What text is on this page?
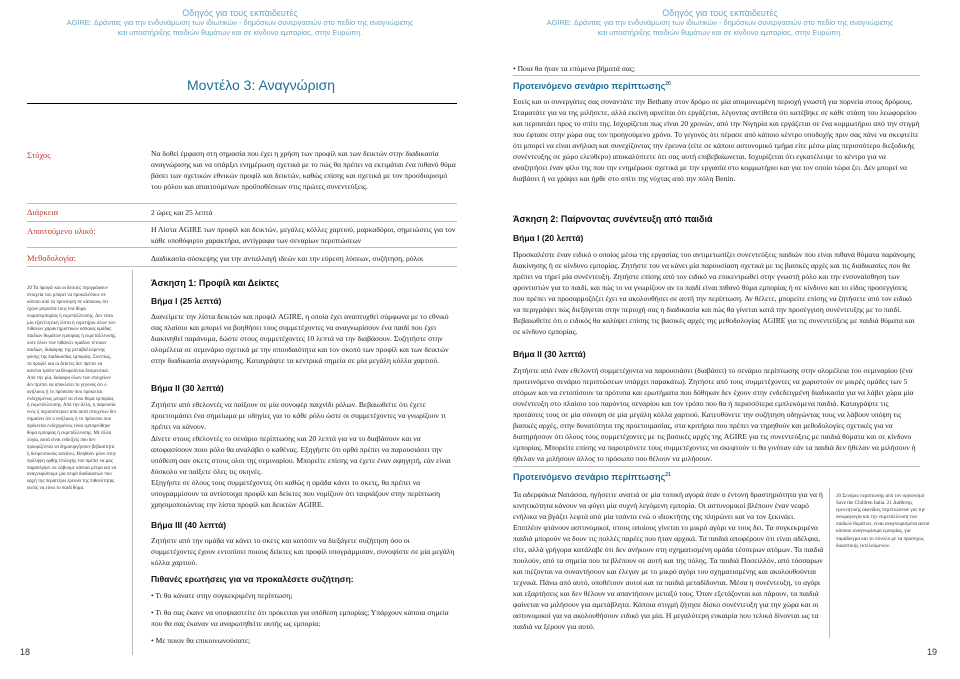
Οδηγός για τους εκπαιδευτές
AGIRE: Δράντας για την ενδυνάμωση των ιδιωτικών - δημόσιων συνεργασιών στο πεδίο της αναγνώρισης
και υποστήριξης παιδιών θυμάτων και σε κίνδυνο εμπορίας, στην Ευρώπη.
Οδηγός για τους εκπαιδευτές
AGIRE: Δράντας για την ενδυνάμωση των ιδιωτικών - δημόσιων συνεργασιών στο πεδίο της αναγνώρισης
και υποστήριξης παιδιών θυμάτων και σε κίνδυνο εμπορίας, στην Ευρώπη.
18	19
Μοντέλο 3: Αναγνώριση
Στόχος
Διάρκεια
Απαιτούμενο υλικό:
Μεθοδολογία:
Να δοθεί έμφαση στη σημασία που έχει η χρήση των προφίλ και των δεικτών στην διαδικασία αναγνώρισης και να υπάρξει ενημέρωση σχετικά με το πώς θα πρέπει να εκτιμάται ένα πιθανό θύμα βάσει των σχετικών εθνικών προφίλ και δεικτών, καθώς επίσης και σχετικά με τον προσδιορισμό του ρόλου και απαιτούμενων προϋποθέσεων στις πρώτες συνεντεύξεις.
2 ώρες και 25 λεπτά
Η Λίστα AGIRE των προφίλ και δεικτών, μεγάλες κόλλες χαρτιού, μαρκαδόροι, σημειώσεις για τον κάθε υποθόφιρτο χαρακτήρα, αντίγραφα των σεναρίων περιπτώσεων
Διαδικασία σύσκεψης για την ανταλλαγή ιδεών και την εύρεση λύσεων, συζήτηση, ρόλοι
20 Τα προφίλ και οι δείκτες περιγράφουν στοιχεία του μπορεί να προκαλέσουν σε κάποιο από τα προνόηση σε κάποιους ότι έχουν μπροστά τους ένα θύμα σωματεμπορίας ή εκμετάλλευσης. Δεν είναι μία εξαντλητική λίστα ή ευρετήριο όλων των πιθανών χαρακτηριστικών κάποιας ομάδας παιδιών θυμάτων εμπορίας ή εκμετάλλευσης, ούτε όλων των πιθανών ομάδων τέτοιων παιδιών, διάφορης της μεταβαλλόμενης φύσης της διαδικασίας εμπορίας. Συνεπώς, τα προφίλ και οι δείκτες δεν πρέπει να κανένα τρόπο να θεωρούνται δεσμευτικά. Από την μία, διάφορα όλων των στοιχείων δεν πρέπει να αποκλείει το γεγονός ότι ο ανήλικος ή το πρόσωπο που πρόκειται ενδεχομένως μπορεί να είναι θύμα εμπορίας ή εκμετάλλευσης. Από την άλλη, η παρουσία ενός ή περισσότερων από αυτά στοιχείων δεν σημαίνει ότι ο ανήλικος ή το πρόσωπο που πρόκειται ενδεχομένως είναι εμπορεύθηκε θύμα εμπορίας ή εκμετάλλευσης. Με άλλα λόγια, αυτά είναι ενδείξεις που δεν προορίζονται να δημιουργήσουν βεβαιότητα ή δεσμευτικούς κανόνες. Βοηθούν μόνο στην πρόληψη ορθής επιλογής του πρέπει να μας παραπέμψει να λάβουμε κάποια μέτρα και να αναγνωρίσουμε μία σειρά διαδικασιών που αρχή της περαιτέρω έρευνα της πιθανότητας αυτός να είναι το παιδί θύμα.
Άσκηση 1: Προφίλ και Δείκτες
Βήμα Ι (25 λεπτά)
Διανείμετε την λίστα δεικτών και προφίλ AGIRE, η οποία έχει αναπτυχθεί σύμφωνα με το εθνικό σας πλαίσιο και μπορεί να βοηθήσει τους συμμετέχοντες να αναγνωρίσουν ένα παιδί που έχει διακινηθεί παράνομα, δώστε στους συμμετέχοντες 10 λεπτά να την διαβάσουν. Συζητήστε στην ολομέλεια σε σεμινάριο σχετικά με την σπουδαιότητα και τον σκοπό των προφίλ και των δεικτών στην διαδικασία αναγνώρισης. Καταγράψτε τα κεντρικά σημεία σε μία μεγάλη κόλλα χαρτιού.
Βήμα ΙΙ (30 λεπτά)
Ζητήστε από εθελοντές να παίξουν σε μία συνοφέρ παιχνίδι ρόλων. Βεβαιωθείτε ότι έχετε προετοιμάσει ένα σημείωμα με οδηγίες για το κάθε ρόλο ώστε οι συμμετέχοντες να γνωρίζουν τι πρέπει να κάνουν.
Δίνετε στους εθελοντές το σενάριο περίπτωσης και 20 λεπτά για να το διαβάσουν και να αποφασίσουν ποιο ρόλο θα αναλάβει ο καθένας. Εξηγήστε ότι ορθά πρέπει να παρουσιάσει την υπόθεση σαν σκετς στους ολοι της σεμιναρίου. Μπορείτε επίσης να έχετε έναν αφηγητή, εάν είναι δύσκολο να παίξετε όλες τις σκηνές.
Εξηγήστε σε όλους τους συμμετέχοντες ότι καθώς η ομάδα κάνει το σκετς, θα πρέπει να υπογραμμίσουν τα αντίστοιχα προφίλ και δείκτες που νομίζουν ότι ταιριάζουν στην περίπτωση χρησιμοποιώντας την λίστα προφίλ και δεικτών AGIRE.
Βήμα ΙΙΙ (40 λεπτά)
Ζητήστε από την ομάδα να κάνει το σκετς και κατόπιν να διεξάγετε συζήτηση όσο οι συμμετέχοντες έχουν εντοπίσει ποιους δείκτες και προφίλ υπογράμμισαν, συνοψίστε σε μία μεγάλη κόλλα χαρτιού.
Πιθανές ερωτήσεις για να προκαλέσετε συζήτηση:
• Τι θα κάνατε στην συγκεκριμένη περίπτωση;
• Τι θα σας έκανε να υποψιαστείτε ότι πρόκειται για υπόθεση εμπορίας; Υπάρχουν κάποια σημεία που θα σας έκαναν να αναρωτηθείτε αυτής ως εμπορία;
• Με ποιον θα επικοινωνούσατε;
• Ποια θα ήταν τα επόμενα βήματά σας;
Προτεινόμενο σενάριο περίπτωσης$^{20}$
Εσείς και οι συνεργάτες σας συναντάτε την Bethany στον δρόμο σε μία απομονωμένη περιοχή γνωστή για πορνεία στους δρόμους. Σταματάτε για να της μιλήσετε, αλλά εκείνη αρνείται ότι εργάζεται, λέγοντας αντίθετα ότι κατέβηκε σε κάθε στάση του λεωφορείου και περπατάει προς το σπίτι της. Ισχυρίζεται πως είναι 20 χρονών, από την Νιγηρία και εργάζεται σε ένα κομμωτήριο από την στιγμή που έφτασε στην χώρα σας τον προηγούμενο χρόνο. Το γεγονός ότι πέρασε από κάποιο κέντρο υποδοχής πριν σας πάνε να σκεφτείτε ότι μπορεί να είναι ανήλικη και συνεχίζοντας την έρευνα (είτε σε κάποιο αστυνομικό τμήμα είτε μέσω μίας περισσότερο διεξοδικής συνέντευξης σε χώρο ελεύθερο) αποκαλύπτετε ότι σας αυτή επιβεβαίωνεται. Ισχυρίζεται ότι εγκατέλειψε το κέντρο για να αναζητήσει έναν φίλο της που την ενημέρωσε σχετικά με την εργασία στο κομμωτήριο και για τον οποίο τώρα ζει. Δεν μπορεί να διαβάσει ή να γράψει και ήρθε στο σπίτι της νύχτας από την πόλη Benin.
Άσκηση 2: Παίρνοντας συνέντευξη από παιδιά
Βήμα Ι (20 λεπτά)
Προσκαλέστε έναν ειδικό ο οποίος μέσω της εργασίας του αντιμετωπίζει συνεντεύξεις παιδιών που είναι πιθανά θύματα παράνομης διακίνησης ή σε κίνδυνο εμπορίας. Ζητήστε του να κάνει μία παρουσίαση σχετικά με τις βασικές αρχές και τις διαδικασίες που θα πρέπει να τηρεί μία συνέντευξη. Ζητήστε επίσης από τον ειδικό να επικεντρωθεί στην γνωστή ρόλο και την ενσυναίσθηση των φροντιστών για το παιδί, και πώς το να γνωρίζουν αν το παιδί είναι πιθανό θύμα εμπορίας ή σε κίνδυνο και το είδος προσεγγίσεις που πρέπει να προσαρμοζόζει έχει να ακολουθήσει σε αυτή την περίπτωση. Αν θέλετε, μπορείτε επίσης να ζητήσετε από τον ειδικό να περιγράψει πώς διεξάγεται στην περιοχή σας η διαδικασία και πώς θα γίνεται κατά την προσέγγιση συνέντευξης με το παιδί. Βεβαιωθείτε ότι ο ειδικός θα καλύψει επίσης τις βασικές αρχές της μεθοδολογίας AGIRE για τις συνεντεύξεις με παιδιά θύματα και σε κίνδυνο εμπορίας.
Βήμα ΙΙ (30 λεπτά)
Ζητήστε από έναν εθελοντή συμμετέχοντα να παρουσιάσει (διαβάσει) το σενάριο περίπτωσης στην ολομέλεια του σεμιναρίου (ένα προτεινόμενο σενάριο περιπτώσεων υπάρχει παρακάτω). Ζητήστε από τους συμμετέχοντες να χωριστούν σε μικρές ομάδες των 5 ατόμων και να εντοπίσουν τα πρότυπα και ερωτήματα που δόθηκαν δεν έχουν στην ενδεδειγμένη διαδικασία για να λάβει χώρα μία συνέντευξη στο πλαίσιο του παρόντος σεναρίου και τον τρόπο που θα ή περισσότερα εμπλεκόμενα παιδιά. Καταγράψτε τις προτάσεις τους σε μία σύνοψη σε μία μεγάλη κόλλα χαρτιού. Κατευθύνετε την συζήτηση οδηγώντας τους να λάβουν υπόψη τις βασικές αρχές, στην δυνατότητα της προετοιμασίας, στα κριτήρια που πρέπει να τηρηθούν και μεθοδολογίες σχετικές για να διατηρήσουν ότι όλους τους συμμετέχοντες με τις βασικές αρχές της AGIRE για τις συνεντεύξεις με παιδιά θύματα και σε κίνδυνο εμπορίας. Μπορείτε επίσης να παροτρύνετε τους συμμετέχοντες να σκεφτούν τι θα γινόταν εάν τα παιδιά δεν ήθελαν να μιλήσουν ή ήθελαν να μιλήσουν άλλος το πρόσωπο που θέλουν να μιλήσουν.
Προτεινόμενο σενάριο περίπτωσης$^{21}$
Τα αδερφάκια Νατάσσα, ηγήσειτε ανατιά σε μία τοπική αγορά όταν ο έντονη δραστηριότητα για να ή κινητικότητα κάνουν να φύγει μία συχνή λεγόμενη εμπορία. Οι αστυνομικοί βλέπουν έναν νεαρό ενήλικα να βγάζει λεφτά από μία τσάντα ενώ ο ιδιοκτήτης της πληρώνει και να τον ξεκινάει. Επιπλέον φτάνουν αστυνομικοί, στους οποίους γίνεται το μικρό αγόρι να τους δει. Τα συγκεκριμένα παιδιά μπορούν να δουν τις πολλές παρέες που ήταν αρχικά. Τα παιδιά αποφέρουν ότι είναι αδέλφια, είτε, αλλά γρήγορα κατάλαβε ότι δεν ανήκουν στη σχηματισμένη ομάδα τέσσερων ατόμων. Τα παιδιά πουλούν, από τα σημεία που τα βλέπουν σε αυτή και της πόλης. Τα παιδιά Ποσειλλόν, από τόσσαρων και πιέζονται να συναντήσουν και έλεγαν με το μικρό αγόρι του σχηματισμένης και ακολουθούνται τεχνικά. Πάνω από αυτό, υποθέτουν αυτοί και τα παιδιά μεταδίδονται. Μέσα η συνέντευξη, το αγόρι και εξαρτήσεις και δεν θέλουν να απαντήσουν μεταξύ τους. Όταν εξετάζονται και πάρουν, τα παιδιά φαίνεται να μιλήσουν για αμετάβλητα. Κάποια στιγμή ζήτησε δίσκο συνέντευξη για την χώρα και οι αστυνομικοί για να ακολουθήσουν ειδικό για μία. Η μεγαλύτερη ευκαιρία που τελικά δίνονται ως τα παιδιά να ξέρουν για αυτό.
20 Σενάριο περίπτωσης από τον οργανισμό Save the Children Italia. 21 Διάθεσης ερευνητικής αιφνίδιες περιπτώσεων για την ανωμαγωγία και την εκμετάλλευση των παιδιών θυμάτων, είναι αναγνωρισμένα αυτοί κάποιοι αναγνωρίσιμα εμπορίας, για παράδειγμα και το σύνολο με τα προσεχώς δικαστικής εκτελούμενων.
